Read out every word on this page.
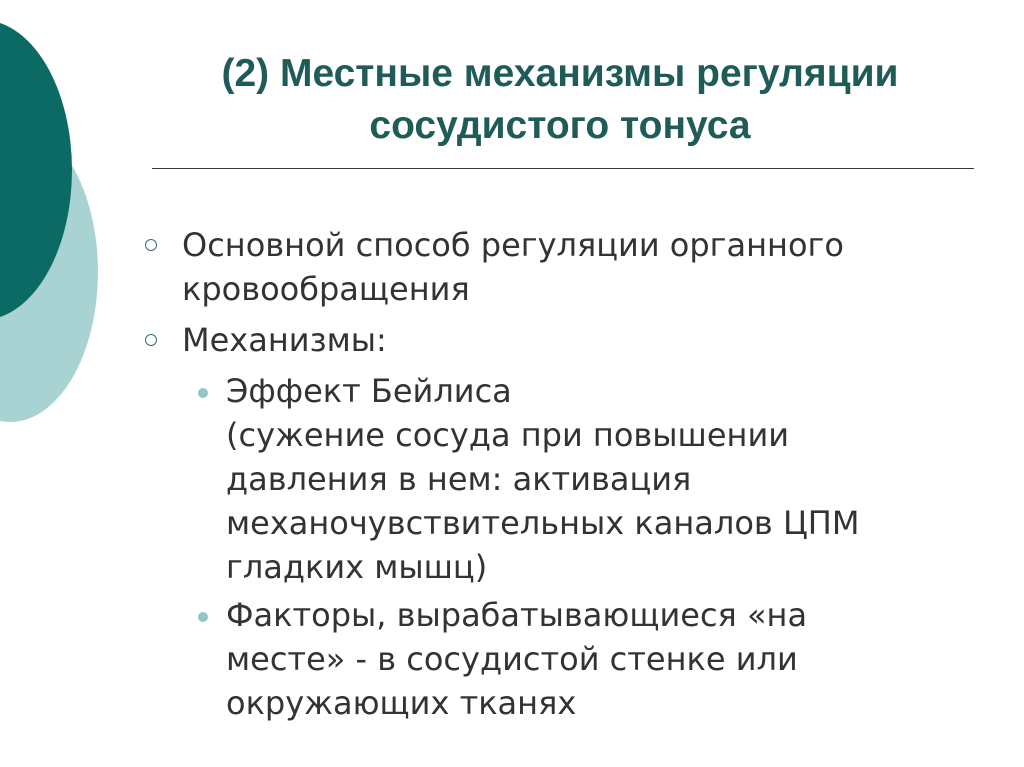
(2) Местные механизмы регуляции
сосудистого тонуса
Основной способ регуляции органного
кровообращения
Механизмы:
Эффект Бейлиса
(сужение сосуда при повышении
давления в нем: активация
механочувствительных каналов ЦПМ
гладких мышц)
Факторы, вырабатывающиеся «на
месте» - в сосудистой стенке или
окружающих тканях
